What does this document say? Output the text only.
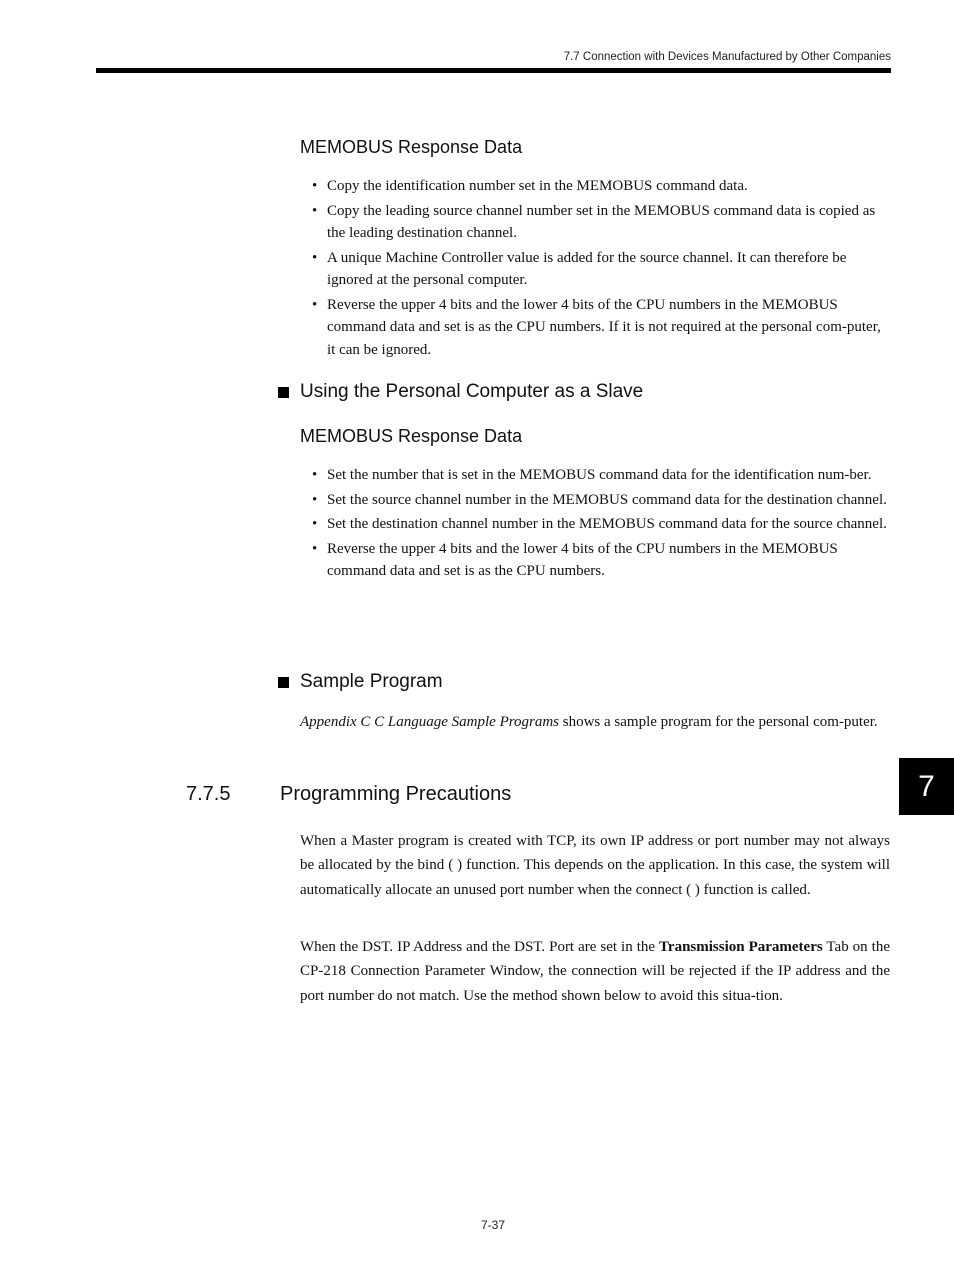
7.7 Connection with Devices Manufactured by Other Companies
MEMOBUS Response Data
• Copy the identification number set in the MEMOBUS command data.
• Copy the leading source channel number set in the MEMOBUS command data is copied as the leading destination channel.
• A unique Machine Controller value is added for the source channel. It can therefore be ignored at the personal computer.
• Reverse the upper 4 bits and the lower 4 bits of the CPU numbers in the MEMOBUS command data and set is as the CPU numbers. If it is not required at the personal com-puter, it can be ignored.
Using the Personal Computer as a Slave
MEMOBUS Response Data
• Set the number that is set in the MEMOBUS command data for the identification num-ber.
• Set the source channel number in the MEMOBUS command data for the destination channel.
• Set the destination channel number in the MEMOBUS command data for the source channel.
• Reverse the upper 4 bits and the lower 4 bits of the CPU numbers in the MEMOBUS command data and set is as the CPU numbers.
Sample Program

Appendix C C Language Sample Programs shows a sample program for the personal com-puter.

7.7.5 Programming Precautions

When a Master program is created with TCP, its own IP address or port number may not always be allocated by the bind ( ) function. This depends on the application. In this case, the system will automatically allocate an unused port number when the connect ( ) function is called.

When the DST. IP Address and the DST. Port are set in the Transmission Parameters Tab on the CP-218 Connection Parameter Window, the connection will be rejected if the IP address and the port number do not match. Use the method shown below to avoid this situa-tion.

7
7-37
